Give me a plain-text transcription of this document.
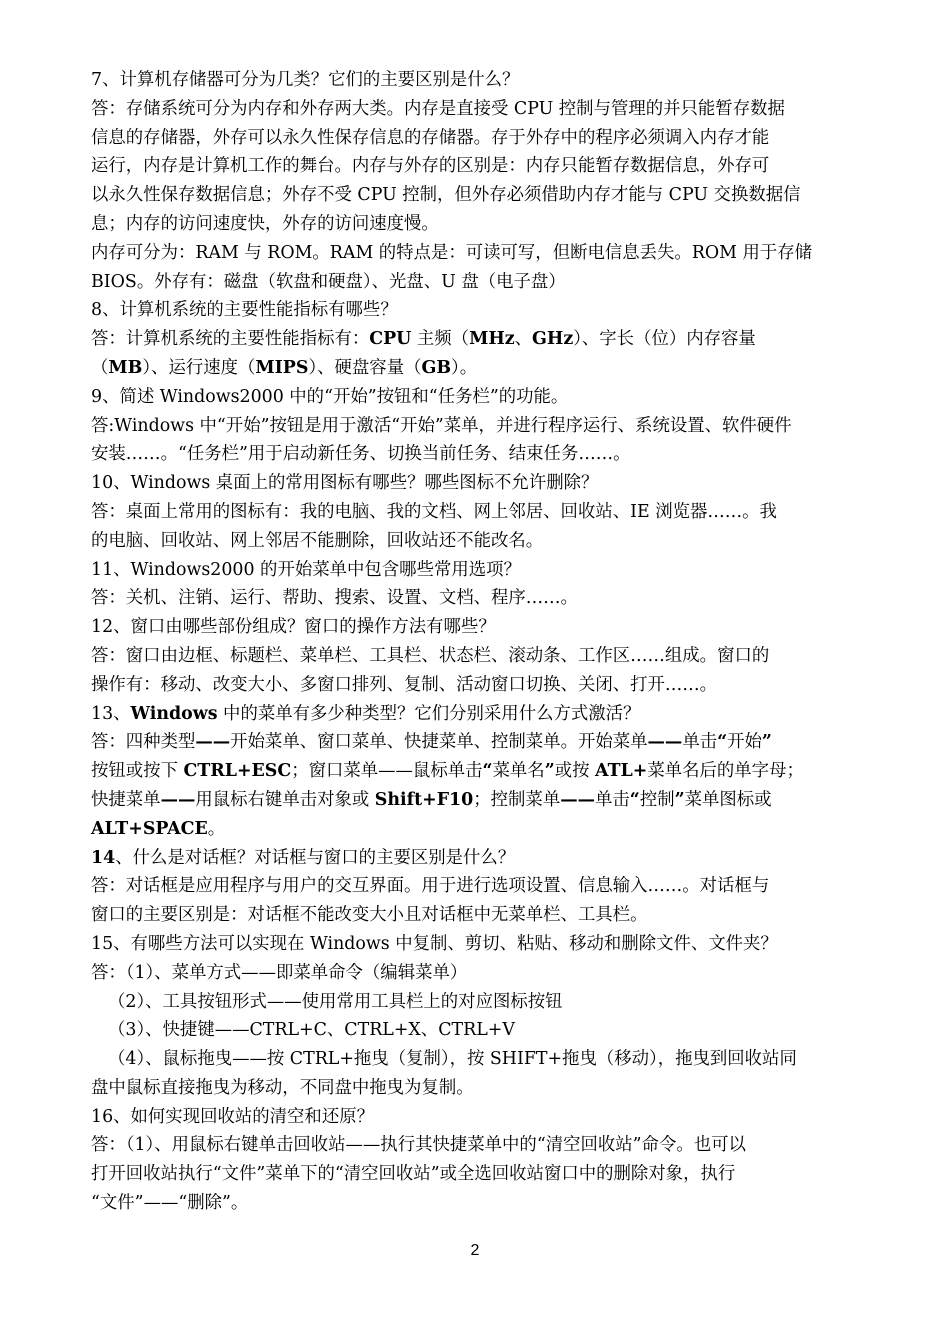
7、计算机存储器可分为几类？它们的主要区别是什么？
答：存储系统可分为内存和外存两大类。内存是直接受 CPU 控制与管理的并只能暂存数据
信息的存储器，外存可以永久性保存信息的存储器。存于外存中的程序必须调入内存才能
运行，内存是计算机工作的舞台。内存与外存的区别是：内存只能暂存数据信息，外存可
以永久性保存数据信息；外存不受 CPU 控制，但外存必须借助内存才能与 CPU 交换数据信
息；内存的访问速度快，外存的访问速度慢。
内存可分为：RAM 与 ROM。RAM 的特点是：可读可写，但断电信息丢失。ROM 用于存储
BIOS。外存有：磁盘（软盘和硬盘）、光盘、U 盘（电子盘）
8、计算机系统的主要性能指标有哪些？
答：计算机系统的主要性能指标有：CPU 主频（MHz、GHz）、字长（位）内存容量
（MB）、运行速度（MIPS）、硬盘容量（GB）。
9、简述 Windows2000 中的“开始”按钮和“任务栏”的功能。
答:Windows 中“开始”按钮是用于激活“开始”菜单，并进行程序运行、系统设置、软件硬件
安装……。“任务栏”用于启动新任务、切换当前任务、结束任务……。
10、Windows 桌面上的常用图标有哪些？哪些图标不允许删除？
答：桌面上常用的图标有：我的电脑、我的文档、网上邻居、回收站、IE 浏览器……。我
的电脑、回收站、网上邻居不能删除，回收站还不能改名。
11、Windows2000 的开始菜单中包含哪些常用选项？
答：关机、注销、运行、帮助、搜索、设置、文档、程序……。
12、窗口由哪些部份组成？窗口的操作方法有哪些？
答：窗口由边框、标题栏、菜单栏、工具栏、状态栏、滚动条、工作区……组成。窗口的
操作有：移动、改变大小、多窗口排列、复制、活动窗口切换、关闭、打开……。
13、Windows 中的菜单有多少种类型？它们分别采用什么方式激活？
答：四种类型——开始菜单、窗口菜单、快捷菜单、控制菜单。开始菜单——单击“开始”
按钮或按下 CTRL+ESC；窗口菜单——鼠标单击“菜单名”或按 ATL+菜单名后的单字母；
快捷菜单——用鼠标右键单击对象或 Shift+F10；控制菜单——单击“控制”菜单图标或
ALT+SPACE。
14、什么是对话框？对话框与窗口的主要区别是什么？
答：对话框是应用程序与用户的交互界面。用于进行选项设置、信息输入……。对话框与
窗口的主要区别是：对话框不能改变大小且对话框中无菜单栏、工具栏。
15、有哪些方法可以实现在 Windows 中复制、剪切、粘贴、移动和删除文件、文件夹？
答：（1）、菜单方式——即菜单命令（编辑菜单）
（2）、工具按钮形式——使用常用工具栏上的对应图标按钮
（3）、快捷键——CTRL+C、CTRL+X、CTRL+V
（4）、鼠标拖曳——按 CTRL+拖曳（复制），按 SHIFT+拖曳（移动），拖曳到回收站同
盘中鼠标直接拖曳为移动，不同盘中拖曳为复制。
16、如何实现回收站的清空和还原？
答：（1）、用鼠标右键单击回收站——执行其快捷菜单中的“清空回收站”命令。也可以
打开回收站执行“文件”菜单下的“清空回收站”或全选回收站窗口中的删除对象，执行
“文件”——“删除”。
2
